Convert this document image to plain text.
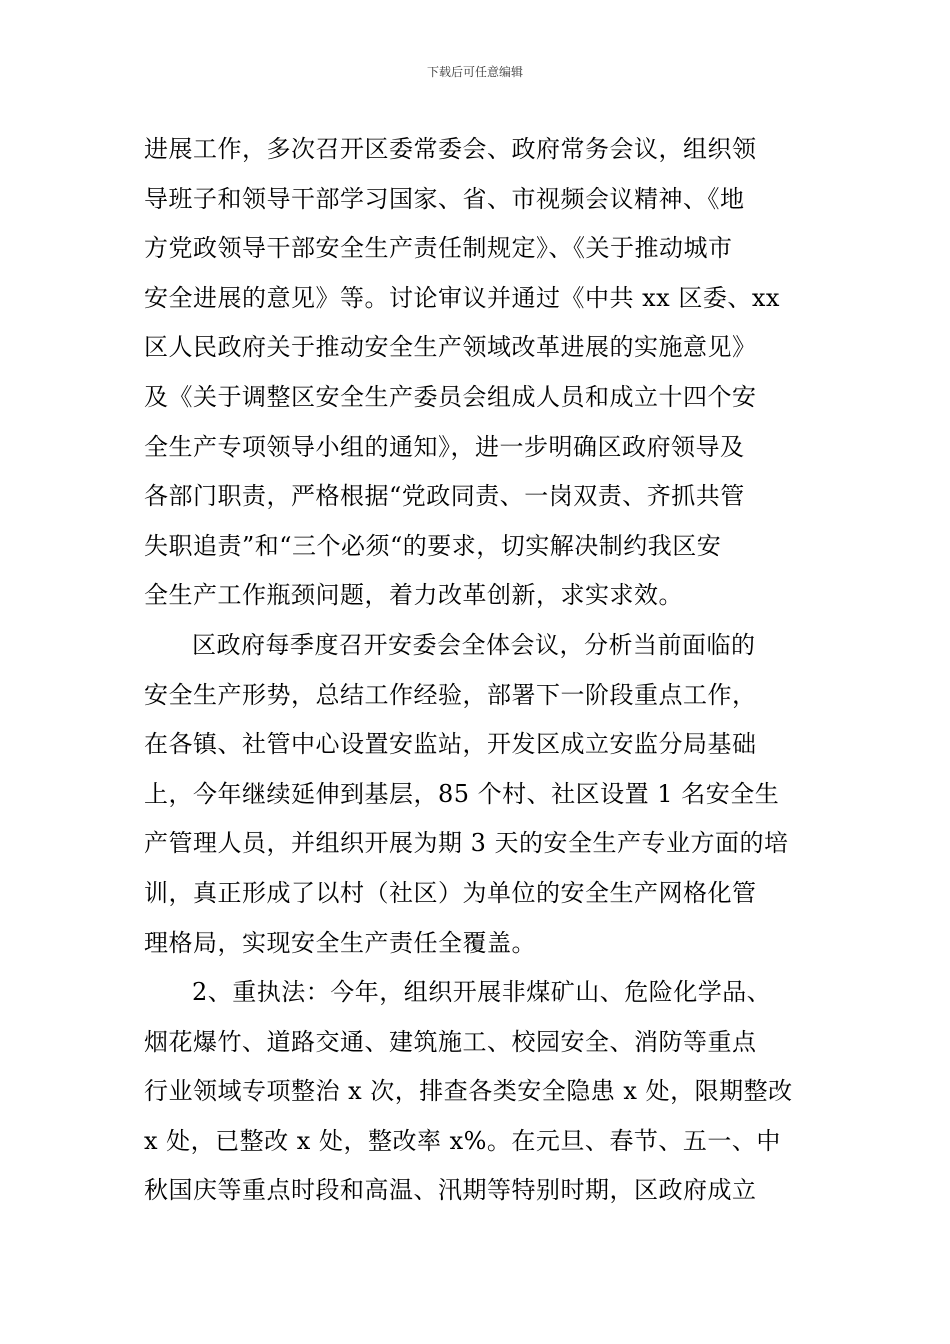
下载后可任意编辑
进展工作，多次召开区委常委会、政府常务会议，组织领
导班子和领导干部学习国家、省、市视频会议精神、《地
方党政领导干部安全生产责任制规定》、《关于推动城市
安全进展的意见》等。讨论审议并通过《中共 xx 区委、xx
区人民政府关于推动安全生产领域改革进展的实施意见》
及《关于调整区安全生产委员会组成人员和成立十四个安
全生产专项领导小组的通知》，进一步明确区政府领导及
各部门职责，严格根据“党政同责、一岗双责、齐抓共管
失职追责”和“三个必须“的要求，切实解决制约我区安
全生产工作瓶颈问题，着力改革创新，求实求效。
区政府每季度召开安委会全体会议，分析当前面临的
安全生产形势，总结工作经验，部署下一阶段重点工作，
在各镇、社管中心设置安监站，开发区成立安监分局基础
上，今年继续延伸到基层，85 个村、社区设置 1 名安全生
产管理人员，并组织开展为期 3 天的安全生产专业方面的培
训，真正形成了以村（社区）为单位的安全生产网格化管
理格局，实现安全生产责任全覆盖。
2、重执法：今年，组织开展非煤矿山、危险化学品、
烟花爆竹、道路交通、建筑施工、校园安全、消防等重点
行业领域专项整治 x 次，排查各类安全隐患 x 处，限期整改
x 处，已整改 x 处，整改率 x%。在元旦、春节、五一、中
秋国庆等重点时段和高温、汛期等特别时期，区政府成立
